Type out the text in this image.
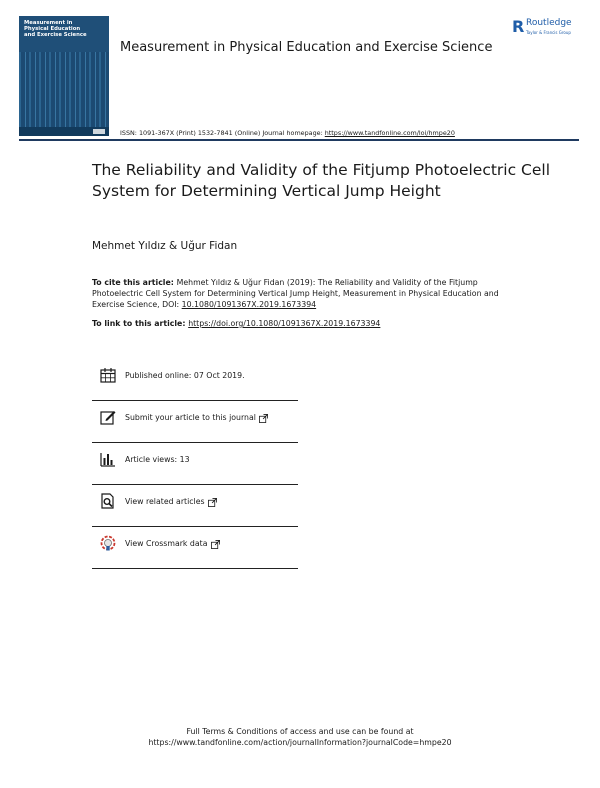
Measurement in
Physical Education
and Exercise Science
Measurement in Physical Education and Exercise Science
R Routledge
Taylor & Francis Group
ISSN: 1091-367X (Print) 1532-7841 (Online) Journal homepage: https://www.tandfonline.com/loi/hmpe20
The Reliability and Validity of the Fitjump Photoelectric Cell System for Determining Vertical Jump Height
Mehmet Yıldız & Uğur Fidan
To cite this article: Mehmet Yıldız & Uğur Fidan (2019): The Reliability and Validity of the Fitjump Photoelectric Cell System for Determining Vertical Jump Height, Measurement in Physical Education and Exercise Science, DOI: 10.1080/1091367X.2019.1673394
To link to this article: https://doi.org/10.1080/1091367X.2019.1673394
Published online: 07 Oct 2019.
Submit your article to this journal
Article views: 13
View related articles
View Crossmark data
Full Terms & Conditions of access and use can be found at
https://www.tandfonline.com/action/journalInformation?journalCode=hmpe20
